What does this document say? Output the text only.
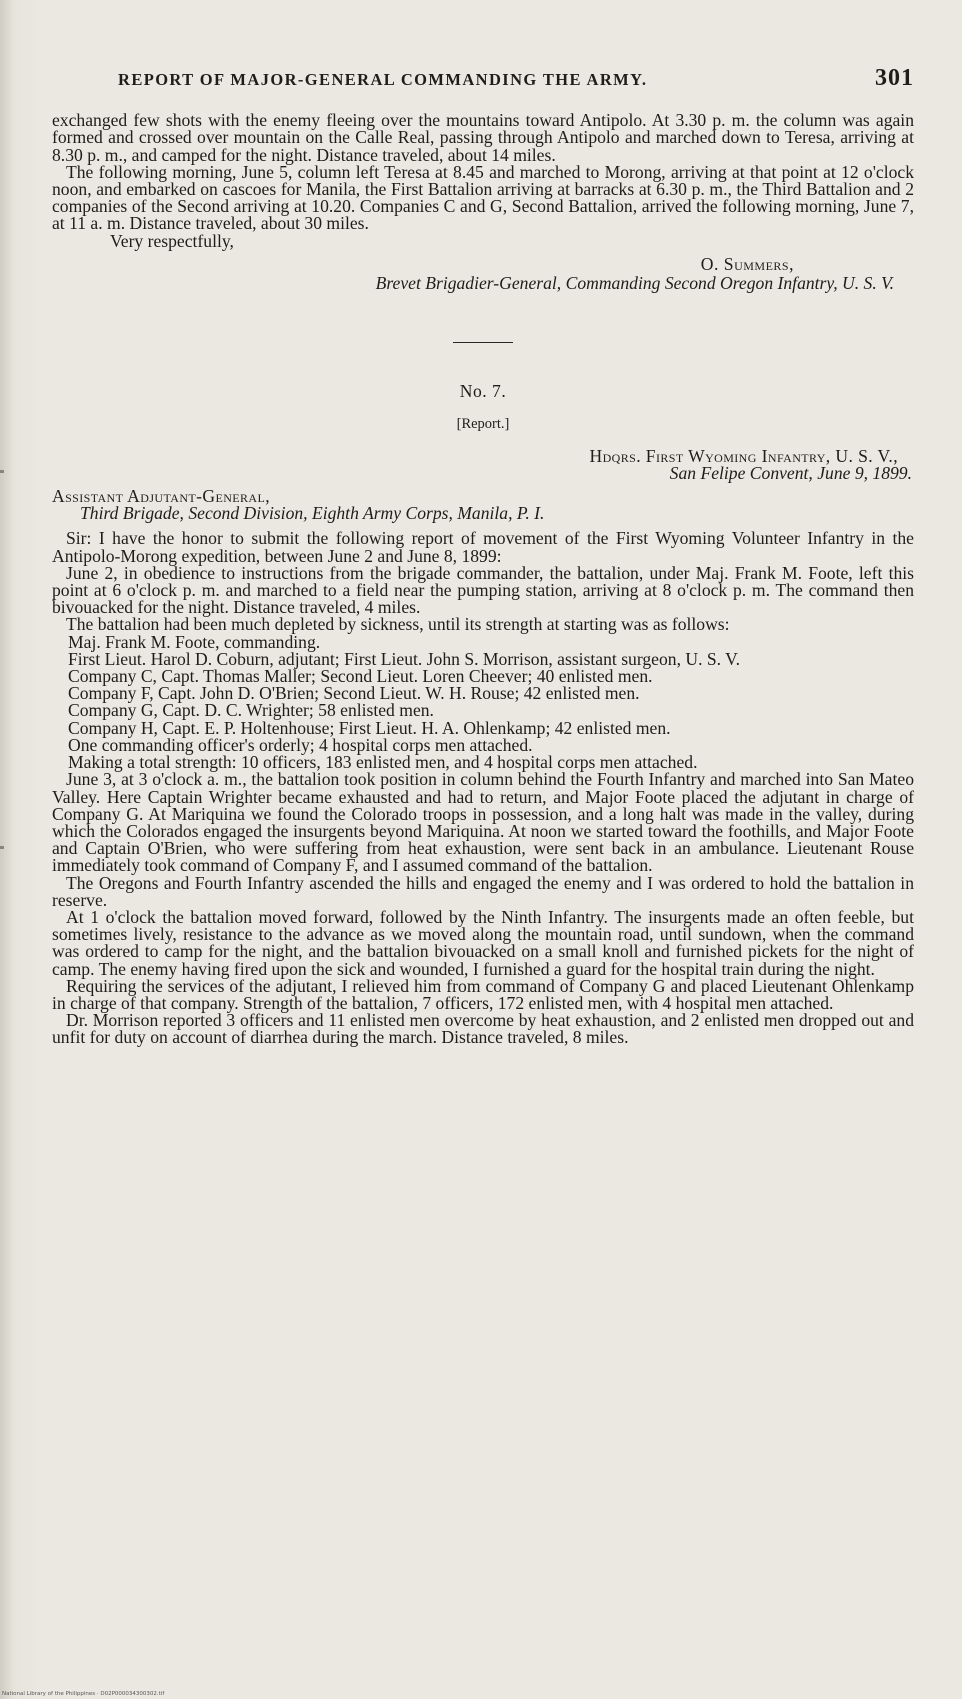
REPORT OF MAJOR-GENERAL COMMANDING THE ARMY.	301

exchanged few shots with the enemy fleeing over the mountains toward Antipolo. At 3.30 p. m. the column was again formed and crossed over mountain on the Calle Real, passing through Antipolo and marched down to Teresa, arriving at 8.30 p. m., and camped for the night. Distance traveled, about 14 miles.

The following morning, June 5, column left Teresa at 8.45 and marched to Morong, arriving at that point at 12 o'clock noon, and embarked on cascoes for Manila, the First Battalion arriving at barracks at 6.30 p. m., the Third Battalion and 2 companies of the Second arriving at 10.20. Companies C and G, Second Battalion, arrived the following morning, June 7, at 11 a. m. Distance traveled, about 30 miles.

Very respectfully,

O. Summers,

Brevet Brigadier-General, Commanding Second Oregon Infantry, U. S. V.

No. 7.

[Report.]

Hdqrs. First Wyoming Infantry, U. S. V.,

San Felipe Convent, June 9, 1899.

Assistant Adjutant-General,

Third Brigade, Second Division, Eighth Army Corps, Manila, P. I.

Sir: I have the honor to submit the following report of movement of the First Wyoming Volunteer Infantry in the Antipolo-Morong expedition, between June 2 and June 8, 1899:

June 2, in obedience to instructions from the brigade commander, the battalion, under Maj. Frank M. Foote, left this point at 6 o'clock p. m. and marched to a field near the pumping station, arriving at 8 o'clock p. m. The command then bivouacked for the night. Distance traveled, 4 miles.

The battalion had been much depleted by sickness, until its strength at starting was as follows:

Maj. Frank M. Foote, commanding.

First Lieut. Harol D. Coburn, adjutant; First Lieut. John S. Morrison, assistant surgeon, U. S. V.

Company C, Capt. Thomas Maller; Second Lieut. Loren Cheever; 40 enlisted men.

Company F, Capt. John D. O'Brien; Second Lieut. W. H. Rouse; 42 enlisted men.

Company G, Capt. D. C. Wrighter; 58 enlisted men.

Company H, Capt. E. P. Holtenhouse; First Lieut. H. A. Ohlenkamp; 42 enlisted men.

One commanding officer's orderly; 4 hospital corps men attached.

Making a total strength: 10 officers, 183 enlisted men, and 4 hospital corps men attached.

June 3, at 3 o'clock a. m., the battalion took position in column behind the Fourth Infantry and marched into San Mateo Valley. Here Captain Wrighter became exhausted and had to return, and Major Foote placed the adjutant in charge of Company G. At Mariquina we found the Colorado troops in possession, and a long halt was made in the valley, during which the Colorados engaged the insurgents beyond Mariquina. At noon we started toward the foothills, and Major Foote and Captain O'Brien, who were suffering from heat exhaustion, were sent back in an ambulance. Lieutenant Rouse immediately took command of Company F, and I assumed command of the battalion.

The Oregons and Fourth Infantry ascended the hills and engaged the enemy and I was ordered to hold the battalion in reserve.

At 1 o'clock the battalion moved forward, followed by the Ninth Infantry. The insurgents made an often feeble, but sometimes lively, resistance to the advance as we moved along the mountain road, until sundown, when the command was ordered to camp for the night, and the battalion bivouacked on a small knoll and furnished pickets for the night of camp. The enemy having fired upon the sick and wounded, I furnished a guard for the hospital train during the night.

Requiring the services of the adjutant, I relieved him from command of Company G and placed Lieutenant Ohlenkamp in charge of that company. Strength of the battalion, 7 officers, 172 enlisted men, with 4 hospital men attached.

Dr. Morrison reported 3 officers and 11 enlisted men overcome by heat exhaustion, and 2 enlisted men dropped out and unfit for duty on account of diarrhea during the march. Distance traveled, 8 miles.

National Library of the Philippines · D02P000034300302.tif
